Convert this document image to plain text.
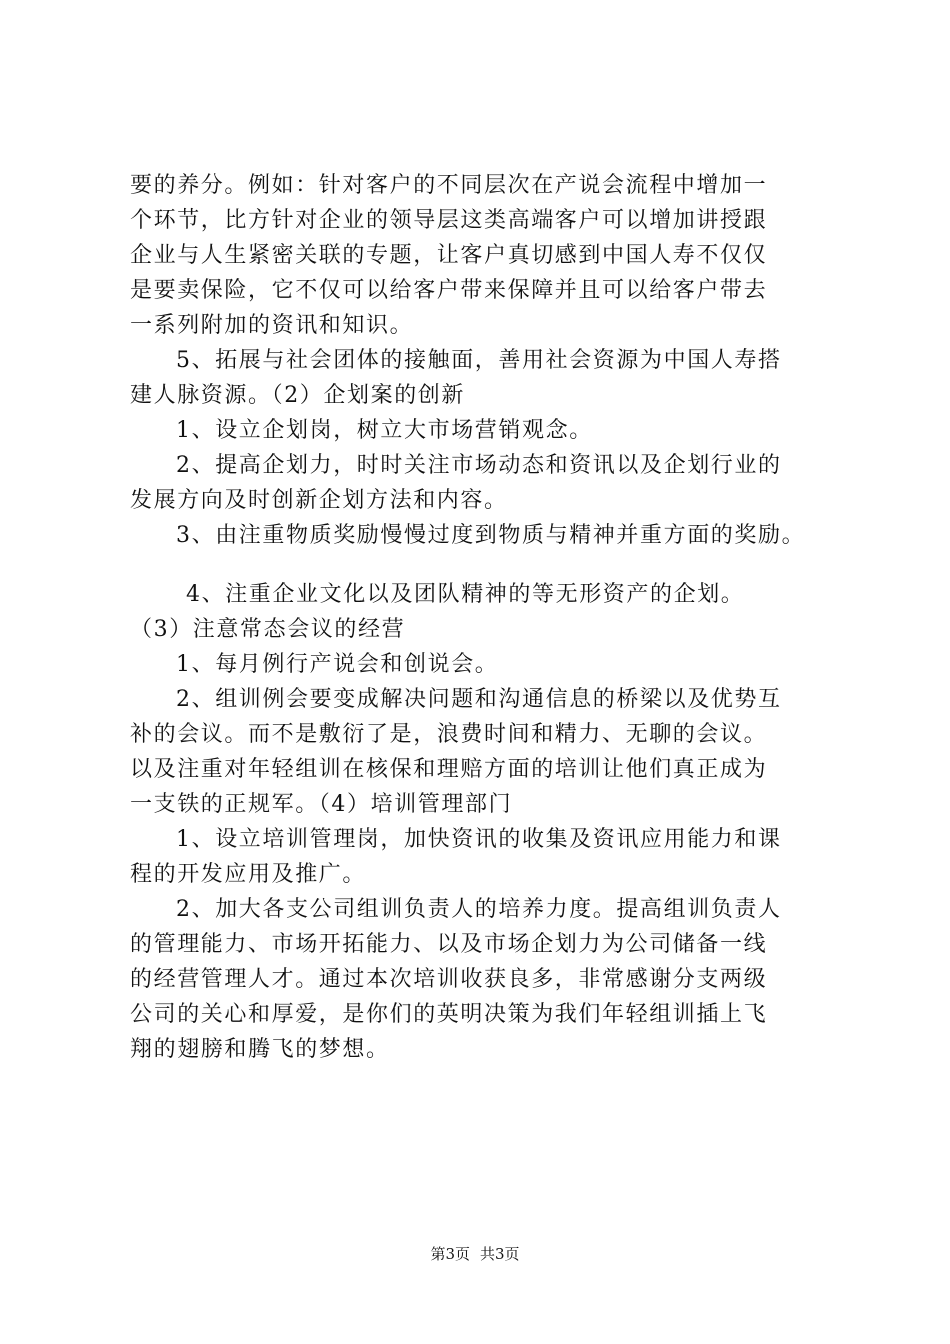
要的养分。例如：针对客户的不同层次在产说会流程中增加一
个环节，比方针对企业的领导层这类高端客户可以增加讲授跟
企业与人生紧密关联的专题，让客户真切感到中国人寿不仅仅
是要卖保险，它不仅可以给客户带来保障并且可以给客户带去
一系列附加的资讯和知识。
5、拓展与社会团体的接触面，善用社会资源为中国人寿搭
建人脉资源。（2）企划案的创新
1、设立企划岗，树立大市场营销观念。
2、提高企划力，时时关注市场动态和资讯以及企划行业的
发展方向及时创新企划方法和内容。
3、由注重物质奖励慢慢过度到物质与精神并重方面的奖励。
4、注重企业文化以及团队精神的等无形资产的企划。
（3）注意常态会议的经营
1、每月例行产说会和创说会。
2、组训例会要变成解决问题和沟通信息的桥梁以及优势互
补的会议。而不是敷衍了是，浪费时间和精力、无聊的会议。
以及注重对年轻组训在核保和理赔方面的培训让他们真正成为
一支铁的正规军。（4）培训管理部门
1、设立培训管理岗，加快资讯的收集及资讯应用能力和课
程的开发应用及推广。
2、加大各支公司组训负责人的培养力度。提高组训负责人
的管理能力、市场开拓能力、以及市场企划力为公司储备一线
的经营管理人才。通过本次培训收获良多，非常感谢分支两级
公司的关心和厚爱，是你们的英明决策为我们年轻组训插上飞
翔的翅膀和腾飞的梦想。
第3页 共3页
